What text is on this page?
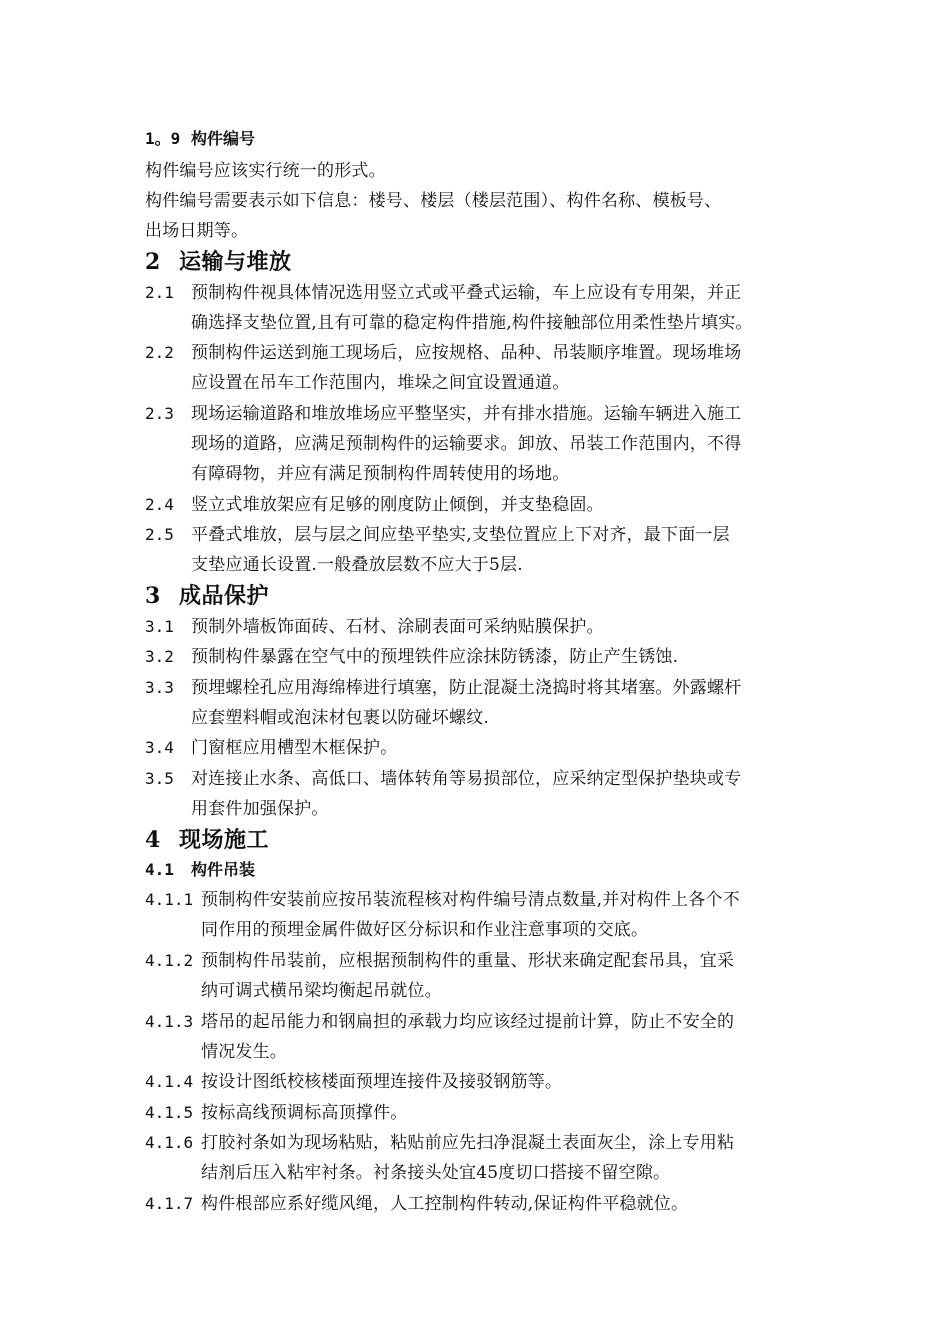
1。9 构件编号
构件编号应该实行统一的形式。
构件编号需要表示如下信息：楼号、楼层（楼层范围）、构件名称、模板号、
出场日期等。
2 运输与堆放
2.1 预制构件视具体情况选用竖立式或平叠式运输，车上应设有专用架，并正
确选择支垫位置,且有可靠的稳定构件措施,构件接触部位用柔性垫片填实。
2.2 预制构件运送到施工现场后，应按规格、品种、吊装顺序堆置。现场堆场
应设置在吊车工作范围内，堆垛之间宜设置通道。
2.3 现场运输道路和堆放堆场应平整坚实，并有排水措施。运输车辆进入施工
现场的道路，应满足预制构件的运输要求。卸放、吊装工作范围内，不得
有障碍物，并应有满足预制构件周转使用的场地。
2.4 竖立式堆放架应有足够的刚度防止倾倒，并支垫稳固。
2.5 平叠式堆放，层与层之间应垫平垫实,支垫位置应上下对齐，最下面一层
支垫应通长设置.一般叠放层数不应大于5层.
3 成品保护
3.1 预制外墙板饰面砖、石材、涂刷表面可采纳贴膜保护。
3.2 预制构件暴露在空气中的预埋铁件应涂抹防锈漆，防止产生锈蚀.
3.3 预埋螺栓孔应用海绵棒进行填塞，防止混凝土浇捣时将其堵塞。外露螺杆
应套塑料帽或泡沫材包裹以防碰坏螺纹.
3.4 门窗框应用槽型木框保护。
3.5 对连接止水条、高低口、墙体转角等易损部位，应采纳定型保护垫块或专
用套件加强保护。
4 现场施工
4.1 构件吊装
4.1.1 预制构件安装前应按吊装流程核对构件编号清点数量,并对构件上各个不
同作用的预埋金属件做好区分标识和作业注意事项的交底。
4.1.2 预制构件吊装前，应根据预制构件的重量、形状来确定配套吊具，宜采
纳可调式横吊梁均衡起吊就位。
4.1.3 塔吊的起吊能力和钢扁担的承载力均应该经过提前计算，防止不安全的
情况发生。
4.1.4 按设计图纸校核楼面预埋连接件及接驳钢筋等。
4.1.5 按标高线预调标高顶撑件。
4.1.6 打胶衬条如为现场粘贴，粘贴前应先扫净混凝土表面灰尘，涂上专用粘
结剂后压入粘牢衬条。衬条接头处宜45度切口搭接不留空隙。
4.1.7 构件根部应系好缆风绳，人工控制构件转动,保证构件平稳就位。
